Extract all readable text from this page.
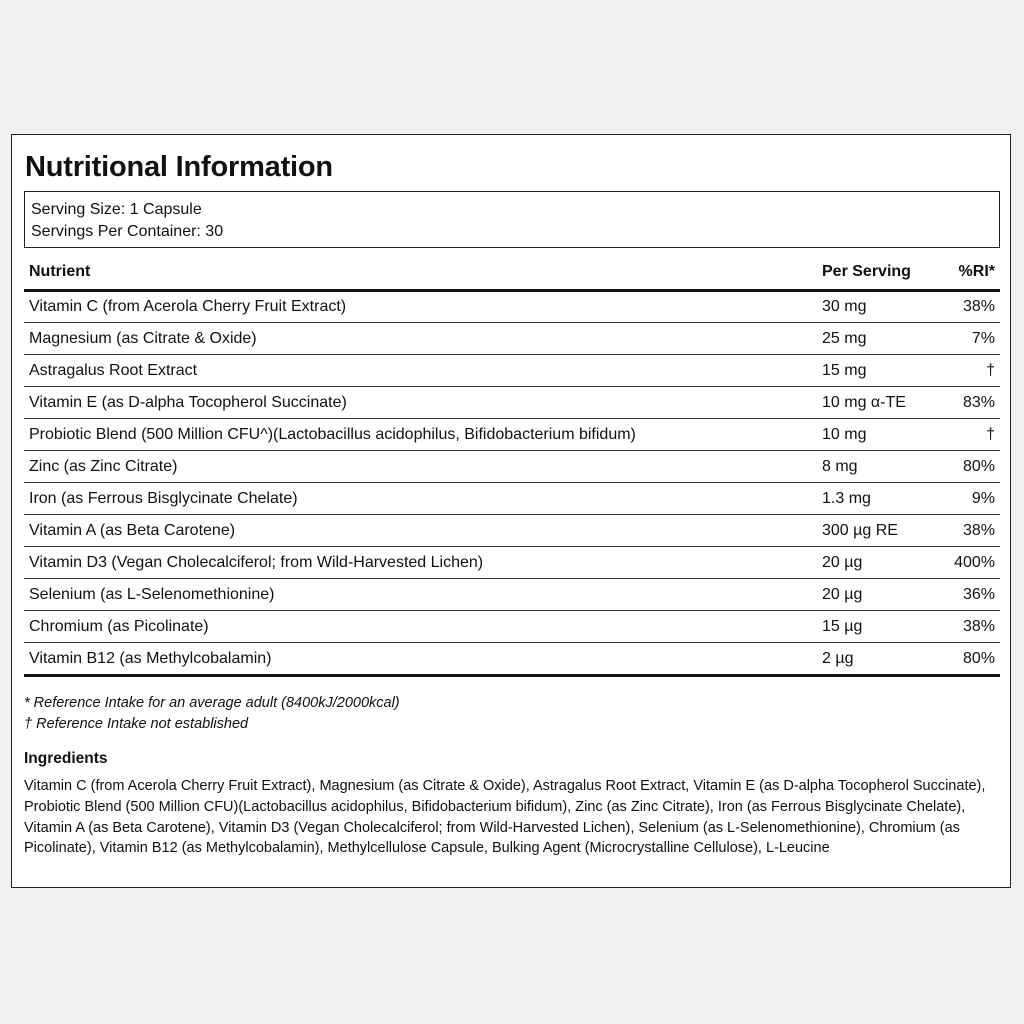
Nutritional Information
Serving Size: 1 Capsule
Servings Per Container: 30
Nutrient	Per Serving	%RI*
Vitamin C (from Acerola Cherry Fruit Extract)	30 mg	38%
Magnesium (as Citrate & Oxide)	25 mg	7%
Astragalus Root Extract	15 mg	†
Vitamin E (as D-alpha Tocopherol Succinate)	10 mg α-TE	83%
Probiotic Blend (500 Million CFU^)(Lactobacillus acidophilus, Bifidobacterium bifidum)	10 mg	†
Zinc (as Zinc Citrate)	8 mg	80%
Iron (as Ferrous Bisglycinate Chelate)	1.3 mg	9%
Vitamin A (as Beta Carotene)	300 µg RE	38%
Vitamin D3 (Vegan Cholecalciferol; from Wild-Harvested Lichen)	20 µg	400%
Selenium (as L-Selenomethionine)	20 µg	36%
Chromium (as Picolinate)	15 µg	38%
Vitamin B12 (as Methylcobalamin)	2 µg	80%
* Reference Intake for an average adult (8400kJ/2000kcal)
† Reference Intake not established
Ingredients

Vitamin C (from Acerola Cherry Fruit Extract), Magnesium (as Citrate & Oxide), Astragalus Root Extract, Vitamin E (as D-alpha Tocopherol Succinate), Probiotic Blend (500 Million CFU)(Lactobacillus acidophilus, Bifidobacterium bifidum), Zinc (as Zinc Citrate), Iron (as Ferrous Bisglycinate Chelate), Vitamin A (as Beta Carotene), Vitamin D3 (Vegan Cholecalciferol; from Wild-Harvested Lichen), Selenium (as L-Selenomethionine), Chromium (as Picolinate), Vitamin B12 (as Methylcobalamin), Methylcellulose Capsule, Bulking Agent (Microcrystalline Cellulose), L-Leucine
